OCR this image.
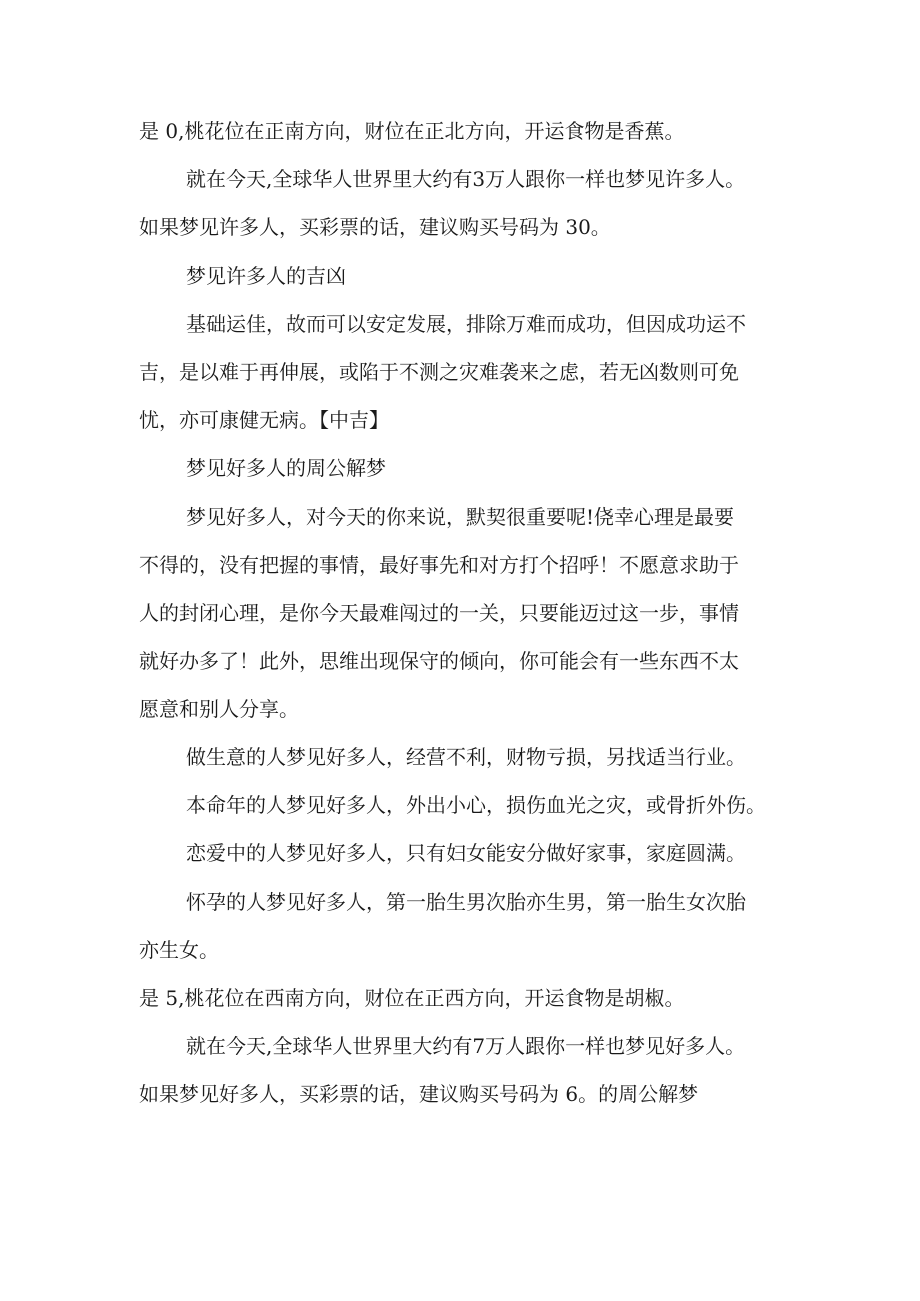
是 0,桃花位在正南方向，财位在正北方向，开运食物是香蕉。
就在今天,全球华人世界里大约有3万人跟你一样也梦见许多人。
如果梦见许多人，买彩票的话，建议购买号码为 30。
梦见许多人的吉凶
基础运佳，故而可以安定发展，排除万难而成功，但因成功运不
吉，是以难于再伸展，或陷于不测之灾难袭来之虑，若无凶数则可免
忧，亦可康健无病。【中吉】
梦见好多人的周公解梦
梦见好多人，对今天的你来说，默契很重要呢!侥幸心理是最要
不得的，没有把握的事情，最好事先和对方打个招呼！不愿意求助于
人的封闭心理，是你今天最难闯过的一关，只要能迈过这一步，事情
就好办多了！此外，思维出现保守的倾向，你可能会有一些东西不太
愿意和别人分享。
做生意的人梦见好多人，经营不利，财物亏损，另找适当行业。
本命年的人梦见好多人，外出小心，损伤血光之灾，或骨折外伤。
恋爱中的人梦见好多人，只有妇女能安分做好家事，家庭圆满。
怀孕的人梦见好多人，第一胎生男次胎亦生男，第一胎生女次胎
亦生女。
是 5,桃花位在西南方向，财位在正西方向，开运食物是胡椒。
就在今天,全球华人世界里大约有7万人跟你一样也梦见好多人。
如果梦见好多人，买彩票的话，建议购买号码为 6。的周公解梦
